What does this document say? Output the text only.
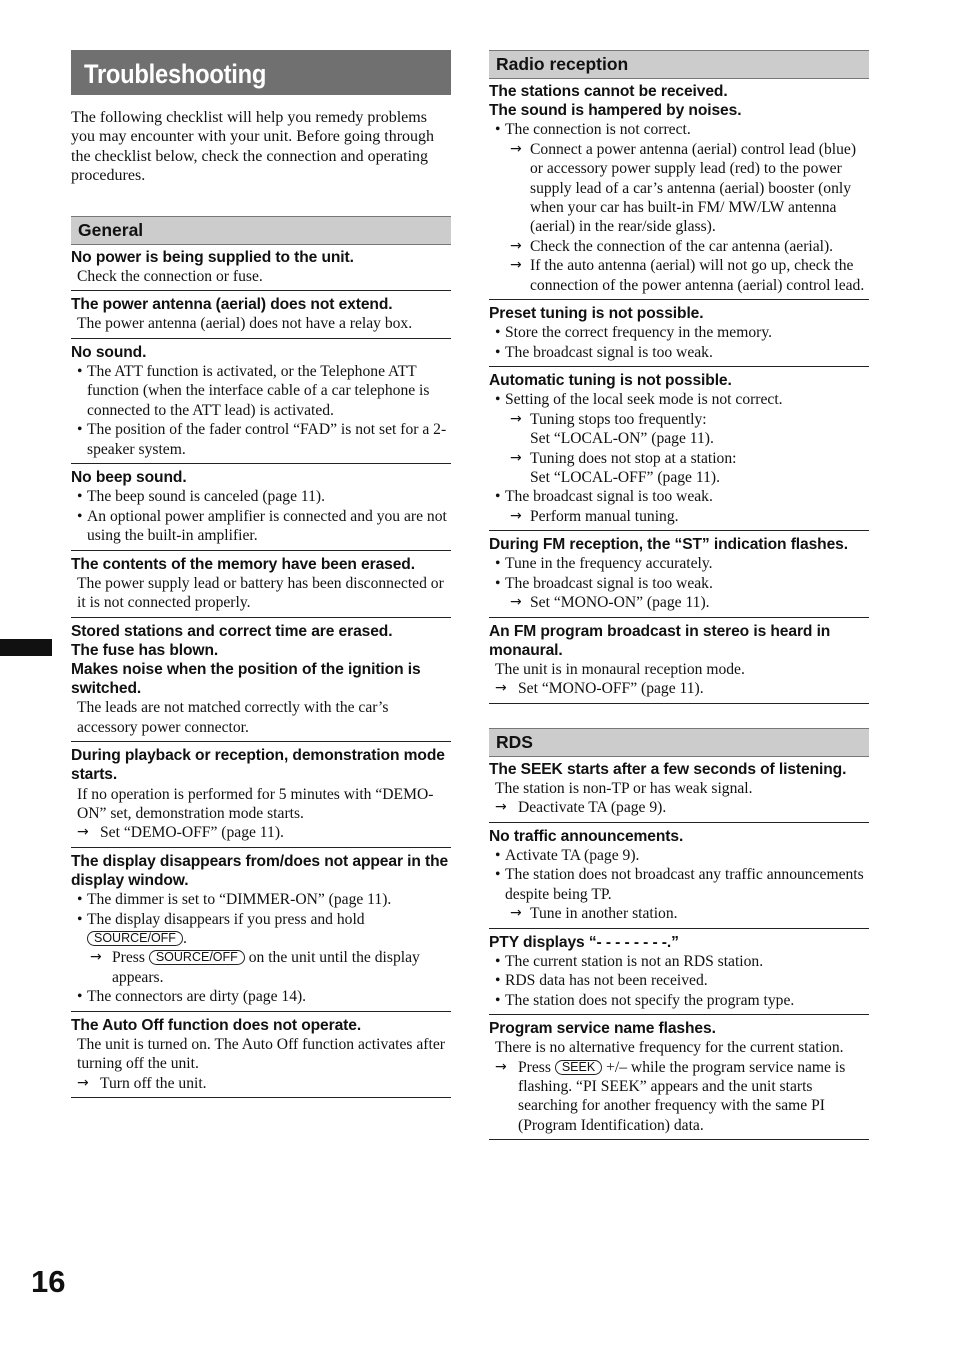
Troubleshooting

The following checklist will help you remedy problems you may encounter with your unit. Before going through the checklist below, check the connection and operating procedures.

General
No power is being supplied to the unit.
Check the connection or fuse.
The power antenna (aerial) does not extend.
The power antenna (aerial) does not have a relay box.
No sound.
• The ATT function is activated, or the Telephone ATT function (when the interface cable of a car telephone is connected to the ATT lead) is activated.
• The position of the fader control “FAD” is not set for a 2-speaker system.
No beep sound.
• The beep sound is canceled (page 11).
• An optional power amplifier is connected and you are not using the built-in amplifier.
The contents of the memory have been erased.
The power supply lead or battery has been disconnected or it is not connected properly.
Stored stations and correct time are erased.
The fuse has blown.
Makes noise when the position of the ignition is switched.
The leads are not matched correctly with the car’s accessory power connector.
During playback or reception, demonstration mode starts.
If no operation is performed for 5 minutes with “DEMO-ON” set, demonstration mode starts.
→ Set “DEMO-OFF” (page 11).
The display disappears from/does not appear in the display window.
• The dimmer is set to “DIMMER-ON” (page 11).
• The display disappears if you press and hold
SOURCE/OFF .
→ Press SOURCE/OFF on the unit until the display appears.
• The connectors are dirty (page 14).
The Auto Off function does not operate.
The unit is turned on. The Auto Off function activates after turning off the unit.
→ Turn off the unit.
Radio reception
The stations cannot be received.
The sound is hampered by noises.
• The connection is not correct.
→ Connect a power antenna (aerial) control lead (blue) or accessory power supply lead (red) to the power supply lead of a car’s antenna (aerial) booster (only when your car has built-in FM/ MW/LW antenna (aerial) in the rear/side glass).
→ Check the connection of the car antenna (aerial).
→ If the auto antenna (aerial) will not go up, check the connection of the power antenna (aerial) control lead.
Preset tuning is not possible.
• Store the correct frequency in the memory.
• The broadcast signal is too weak.
Automatic tuning is not possible.
• Setting of the local seek mode is not correct.
→ Tuning stops too frequently:
Set “LOCAL-ON” (page 11).
→ Tuning does not stop at a station:
Set “LOCAL-OFF” (page 11).
• The broadcast signal is too weak.
→ Perform manual tuning.
During FM reception, the “ST” indication flashes.
• Tune in the frequency accurately.
• The broadcast signal is too weak.
→ Set “MONO-ON” (page 11).
An FM program broadcast in stereo is heard in monaural.
The unit is in monaural reception mode.
→ Set “MONO-OFF” (page 11).
RDS
The SEEK starts after a few seconds of listening.
The station is non-TP or has weak signal.
→ Deactivate TA (page 9).
No traffic announcements.
• Activate TA (page 9).
• The station does not broadcast any traffic announcements despite being TP.
→ Tune in another station.
PTY displays “- - - - - - - -.”
• The current station is not an RDS station.
• RDS data has not been received.
• The station does not specify the program type.
Program service name flashes.
There is no alternative frequency for the current station.
→ Press SEEK +/– while the program service name is flashing. “PI SEEK” appears and the unit starts searching for another frequency with the same PI (Program Identification) data.
16
